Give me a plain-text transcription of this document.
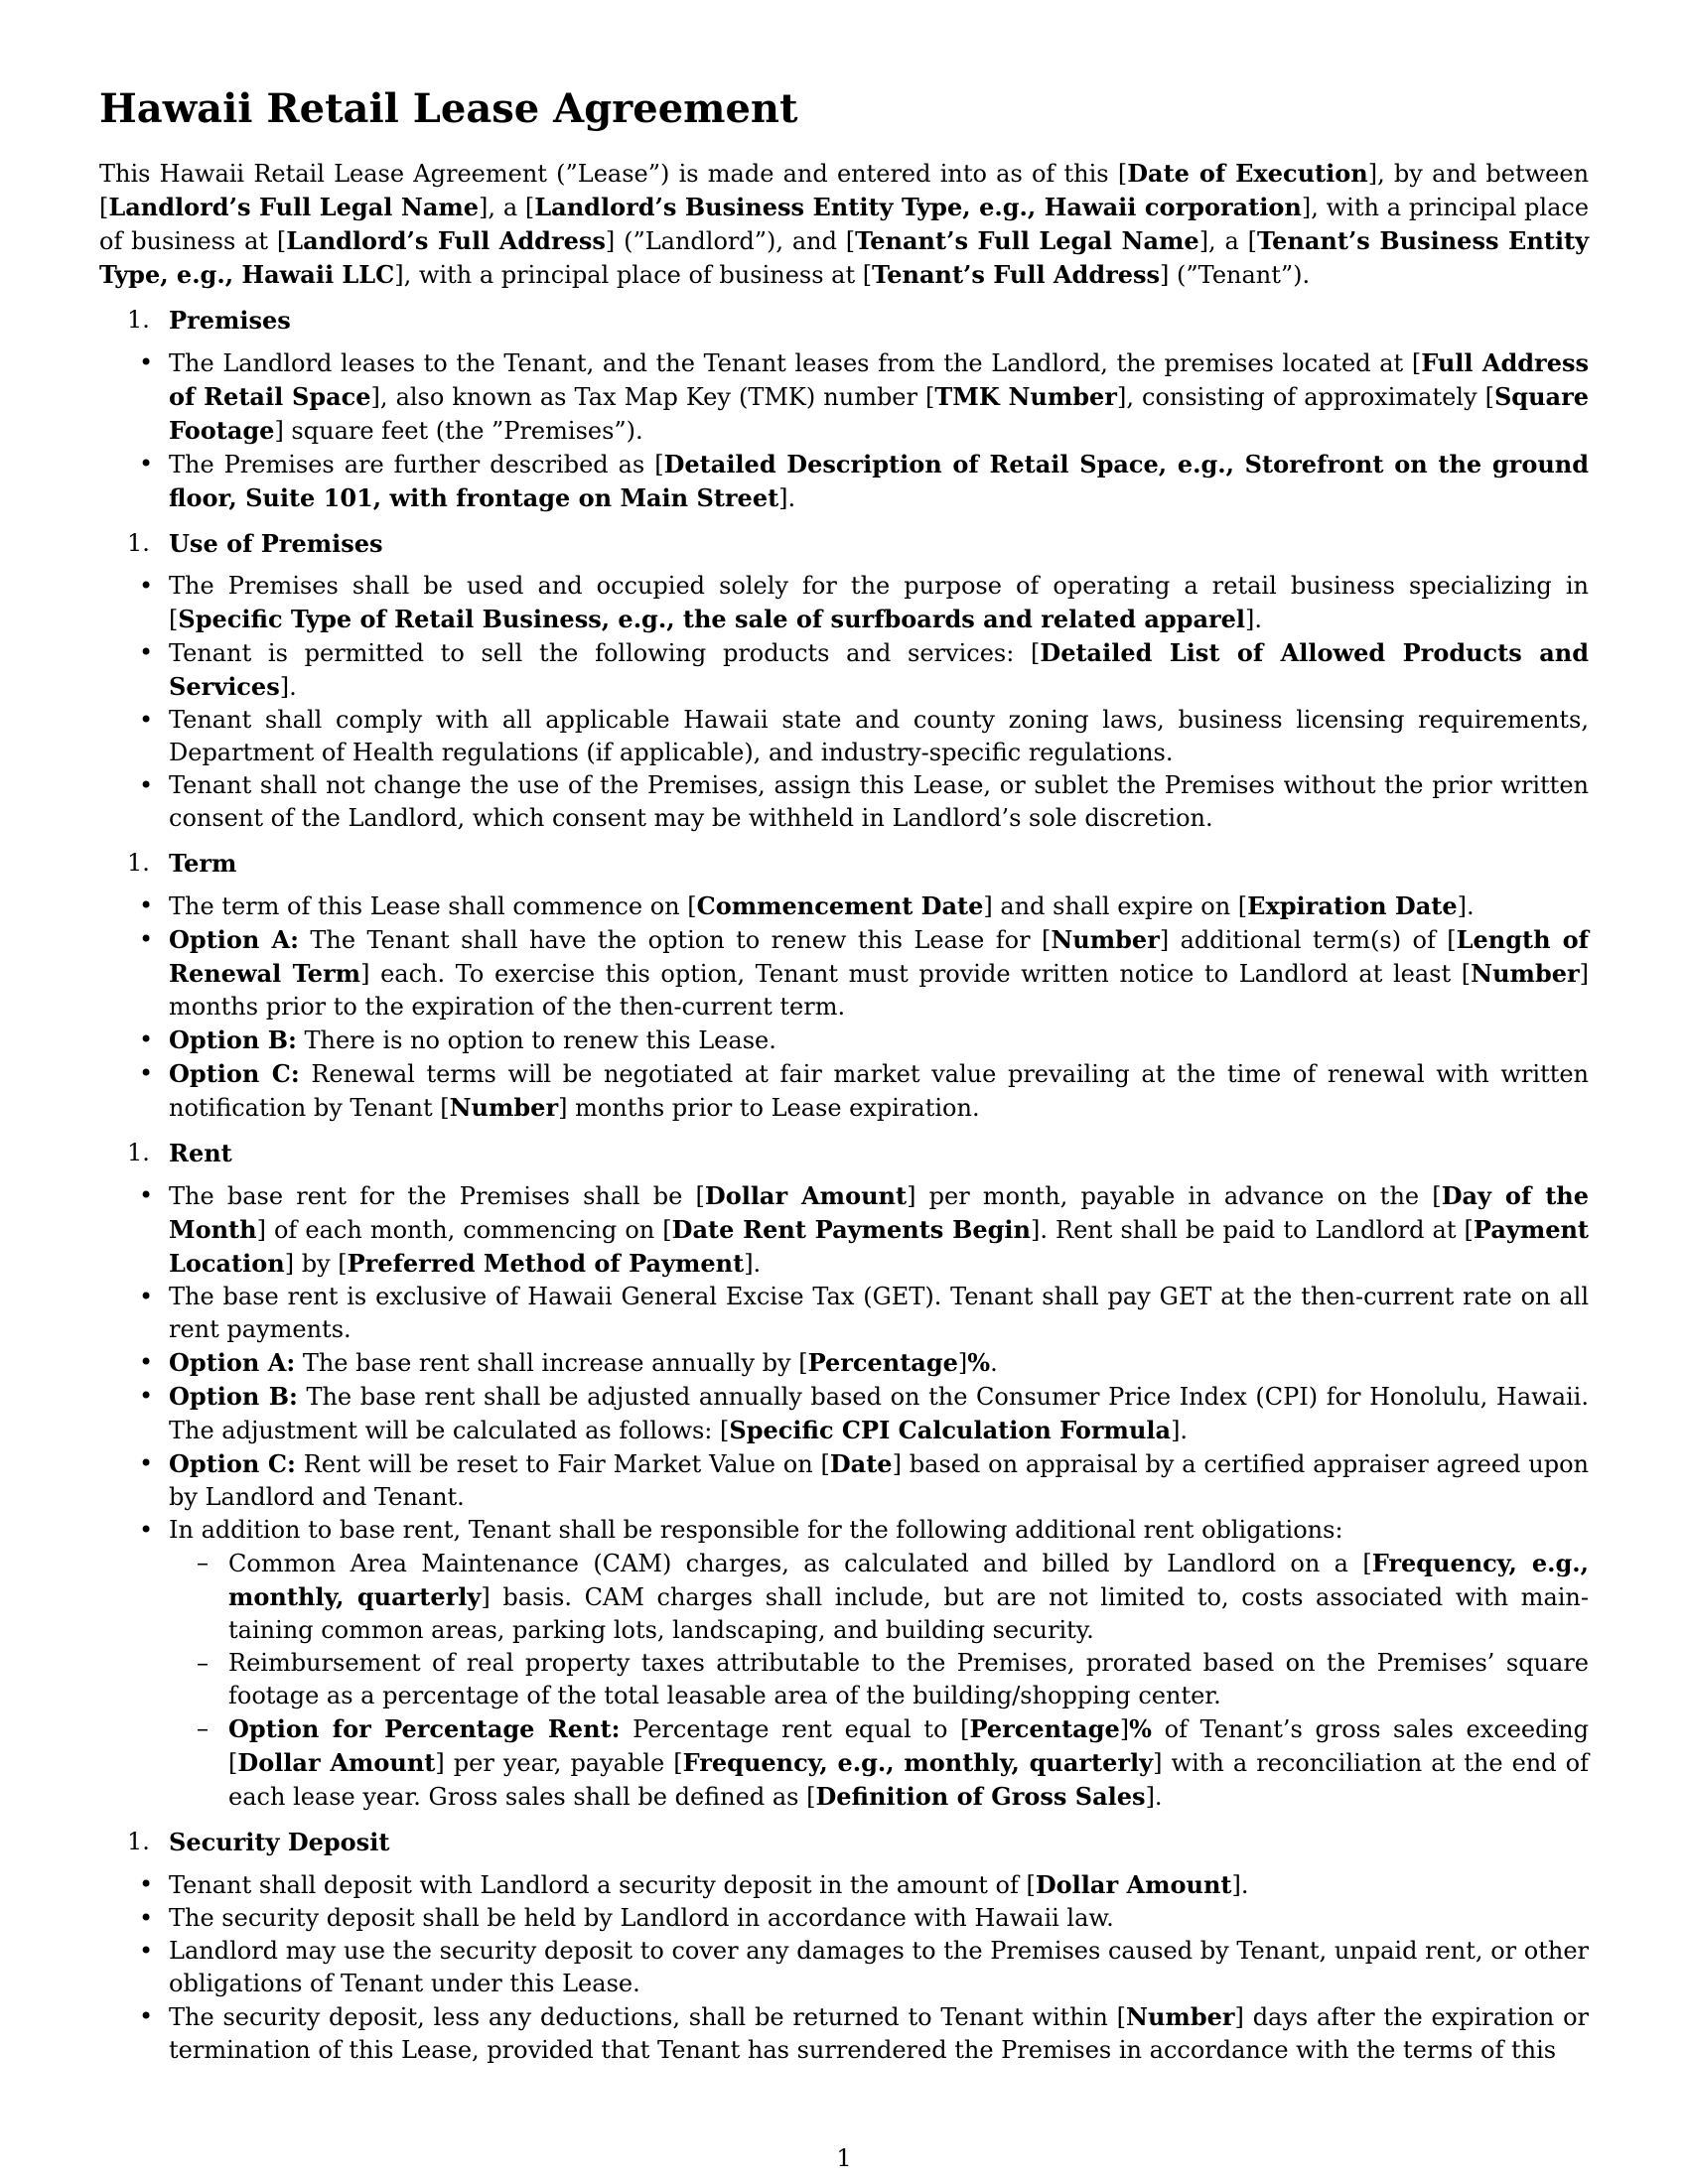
Hawaii Retail Lease Agreement

This Hawaii Retail Lease Agreement (”Lease”) is made and entered into as of this [Date of Execution], by and between [Landlord’s Full Legal Name], a [Landlord’s Business Entity Type, e.g., Hawaii corporation], with a principal place of business at [Landlord’s Full Address] (”Landlord”), and [Tenant’s Full Legal Name], a [Tenant’s Business Entity Type, e.g., Hawaii LLC], with a principal place of business at [Tenant’s Full Address] (”Tenant”).

1. Premises
• The Landlord leases to the Tenant, and the Tenant leases from the Landlord, the premises located at [Full Address of Retail Space], also known as Tax Map Key (TMK) number [TMK Number], consisting of approximately [Square Footage] square feet (the ”Premises”).
• The Premises are further described as [Detailed Description of Retail Space, e.g., Storefront on the ground floor, Suite 101, with frontage on Main Street].
1. Use of Premises
• The Premises shall be used and occupied solely for the purpose of operating a retail business specializing in [Specific Type of Retail Business, e.g., the sale of surfboards and related apparel].
• Tenant is permitted to sell the following products and services: [Detailed List of Allowed Products and Services].
• Tenant shall comply with all applicable Hawaii state and county zoning laws, business licensing requirements, Department of Health regulations (if applicable), and industry-specific regulations.
• Tenant shall not change the use of the Premises, assign this Lease, or sublet the Premises without the prior written consent of the Landlord, which consent may be withheld in Landlord’s sole discretion.
1. Term
• The term of this Lease shall commence on [Commencement Date] and shall expire on [Expiration Date].
• Option A: The Tenant shall have the option to renew this Lease for [Number] additional term(s) of [Length of Renewal Term] each. To exercise this option, Tenant must provide written notice to Landlord at least [Number] months prior to the expiration of the then-current term.
• Option B: There is no option to renew this Lease.
• Option C: Renewal terms will be negotiated at fair market value prevailing at the time of renewal with written notification by Tenant [Number] months prior to Lease expiration.
1. Rent
• The base rent for the Premises shall be [Dollar Amount] per month, payable in advance on the [Day of the Month] of each month, commencing on [Date Rent Payments Begin]. Rent shall be paid to Landlord at [Payment Location] by [Preferred Method of Payment].
• The base rent is exclusive of Hawaii General Excise Tax (GET). Tenant shall pay GET at the then-current rate on all rent payments.
• Option A: The base rent shall increase annually by [Percentage]%.
• Option B: The base rent shall be adjusted annually based on the Consumer Price Index (CPI) for Honolulu, Hawaii. The adjustment will be calculated as follows: [Specific CPI Calculation Formula].
• Option C: Rent will be reset to Fair Market Value on [Date] based on appraisal by a certified appraiser agreed upon by Landlord and Tenant.
• In addition to base rent, Tenant shall be responsible for the following additional rent obligations:
– Common Area Maintenance (CAM) charges, as calculated and billed by Landlord on a [Frequency, e.g., monthly, quarterly] basis. CAM charges shall include, but are not limited to, costs associated with maintaining common areas, parking lots, landscaping, and building security.
– Reimbursement of real property taxes attributable to the Premises, prorated based on the Premises’ square footage as a percentage of the total leasable area of the building/shopping center.
– Option for Percentage Rent: Percentage rent equal to [Percentage]% of Tenant’s gross sales exceeding [Dollar Amount] per year, payable [Frequency, e.g., monthly, quarterly] with a reconciliation at the end of each lease year. Gross sales shall be defined as [Definition of Gross Sales].
1. Security Deposit
• Tenant shall deposit with Landlord a security deposit in the amount of [Dollar Amount].
• The security deposit shall be held by Landlord in accordance with Hawaii law.
• Landlord may use the security deposit to cover any damages to the Premises caused by Tenant, unpaid rent, or other obligations of Tenant under this Lease.
• The security deposit, less any deductions, shall be returned to Tenant within [Number] days after the expiration or termination of this Lease, provided that Tenant has surrendered the Premises in accordance with the terms of this
1
